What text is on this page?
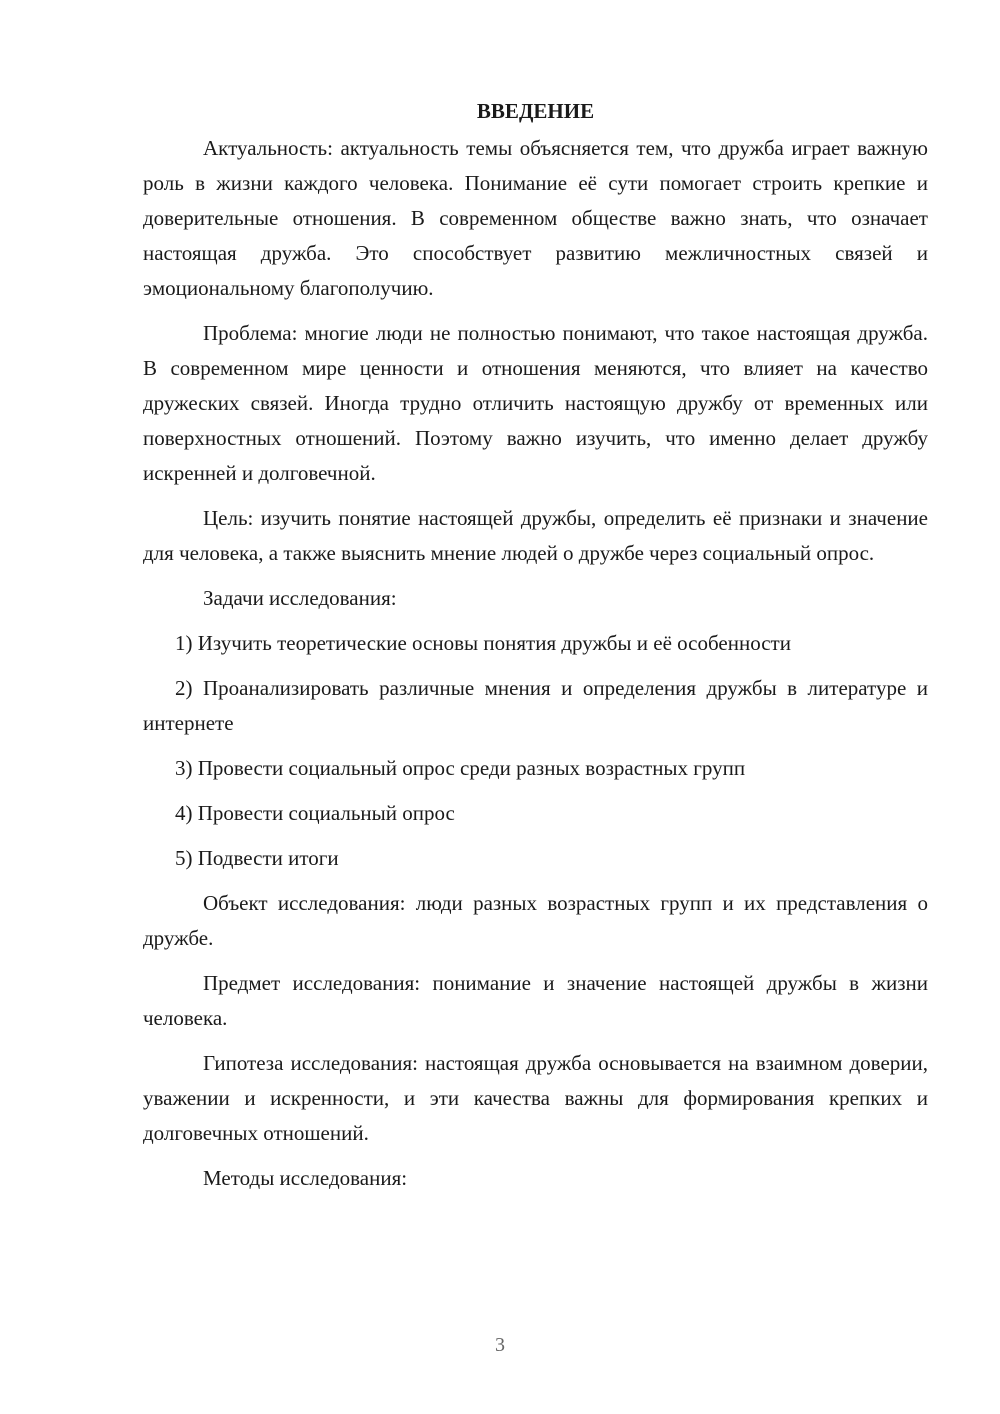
ВВЕДЕНИЕ

Актуальность: актуальность темы объясняется тем, что дружба играет важную роль в жизни каждого человека. Понимание её сути помогает строить крепкие и доверительные отношения. В современном обществе важно знать, что означает настоящая дружба. Это способствует развитию межличностных связей и эмоциональному благополучию.

Проблема: многие люди не полностью понимают, что такое настоящая дружба. В современном мире ценности и отношения меняются, что влияет на качество дружеских связей. Иногда трудно отличить настоящую дружбу от временных или поверхностных отношений. Поэтому важно изучить, что именно делает дружбу искренней и долговечной.

Цель: изучить понятие настоящей дружбы, определить её признаки и значение для человека, а также выяснить мнение людей о дружбе через социальный опрос.

Задачи исследования:

1) Изучить теоретические основы понятия дружбы и её особенности

2) Проанализировать различные мнения и определения дружбы в литературе и интернете

3) Провести социальный опрос среди разных возрастных групп

4) Провести социальный опрос

5) Подвести итоги

Объект исследования: люди разных возрастных групп и их представления о дружбе.

Предмет исследования: понимание и значение настоящей дружбы в жизни человека.

Гипотеза исследования: настоящая дружба основывается на взаимном доверии, уважении и искренности, и эти качества важны для формирования крепких и долговечных отношений.

Методы исследования:

3
